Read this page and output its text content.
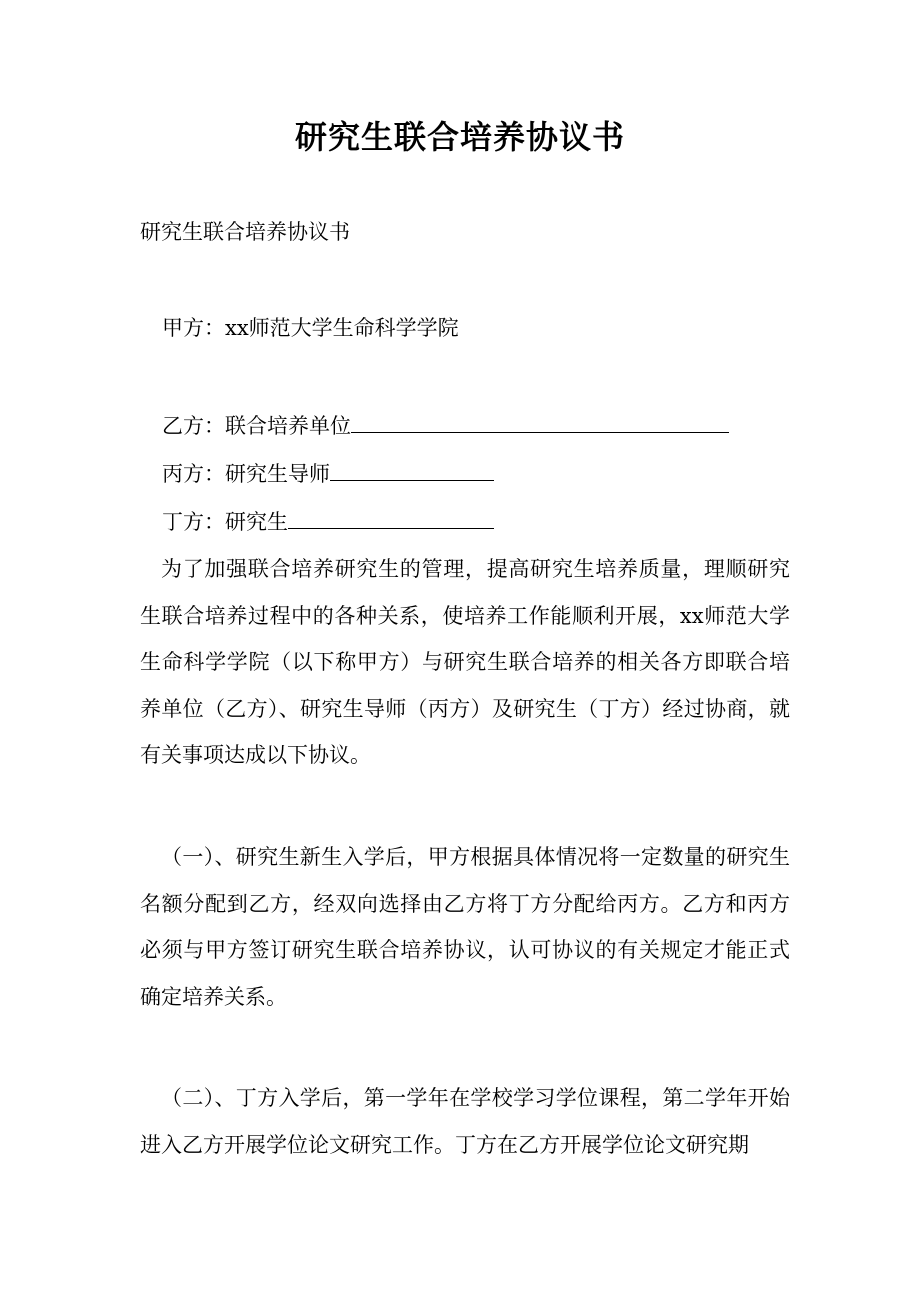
研究生联合培养协议书
研究生联合培养协议书
甲方：xx师范大学生命科学学院
乙方：联合培养单位
丙方：研究生导师
丁方：研究生

为了加强联合培养研究生的管理，提高研究生培养质量，理顺研究生联合培养过程中的各种关系，使培养工作能顺利开展，xx师范大学生命科学学院（以下称甲方）与研究生联合培养的相关各方即联合培养单位（乙方）、研究生导师（丙方）及研究生（丁方）经过协商，就有关事项达成以下协议。

（一）、研究生新生入学后，甲方根据具体情况将一定数量的研究生名额分配到乙方，经双向选择由乙方将丁方分配给丙方。乙方和丙方必须与甲方签订研究生联合培养协议，认可协议的有关规定才能正式确定培养关系。

（二）、丁方入学后，第一学年在学校学习学位课程，第二学年开始进入乙方开展学位论文研究工作。丁方在乙方开展学位论文研究期
